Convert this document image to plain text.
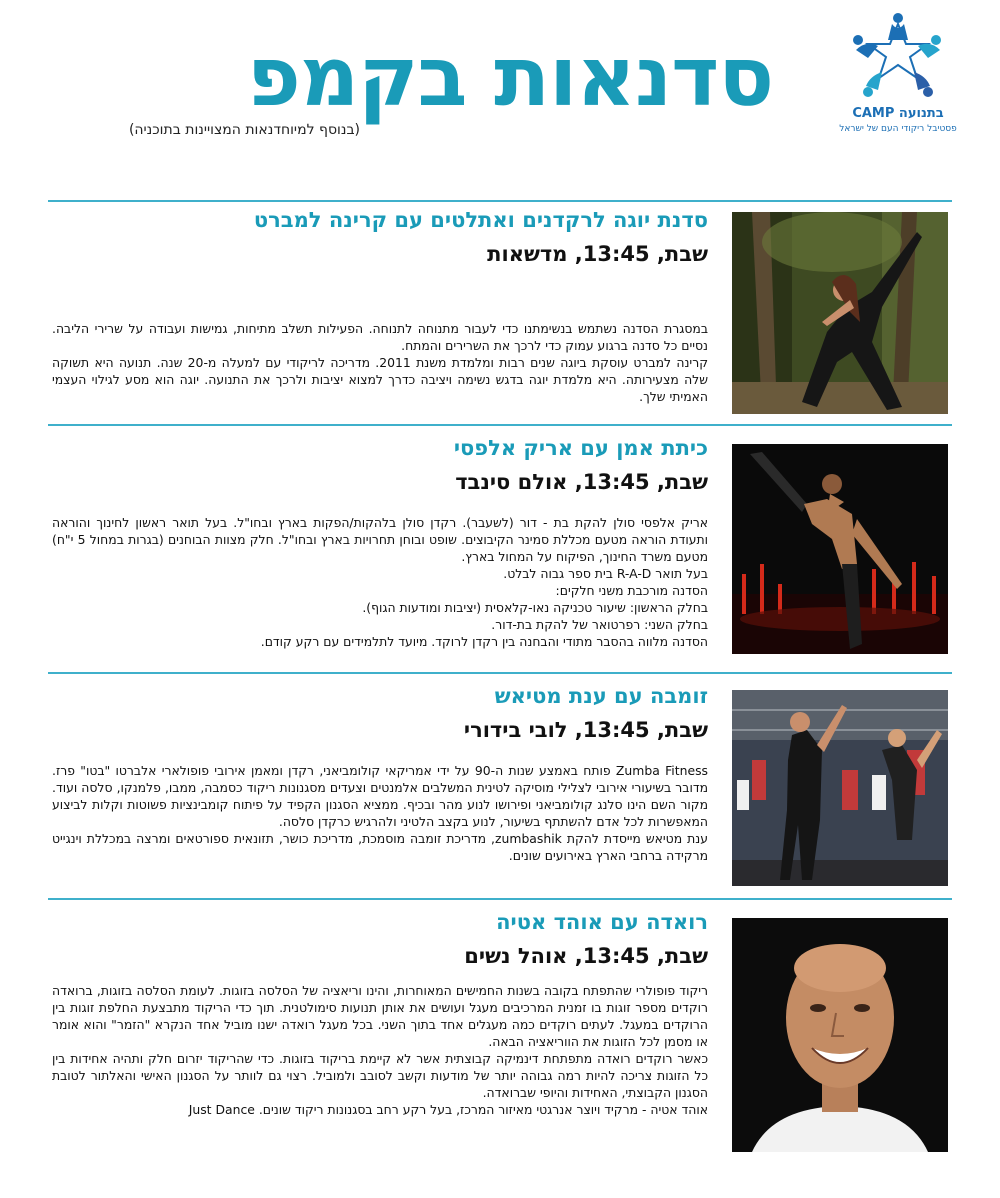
סדנאות בקמפ
(בנוסף למיוחדנאות המצויינות בתוכניה)
CAMP בתנועה
פסטיבל ריקודי העם של ישראל
סדנת יוגה לרקדנים ואתלטים עם קרינה למברט
שבת, 13:45, מדשאות

במסגרת הסדנה נשתמש בנשימתנו כדי לעבור מתנוחה לתנוחה. הפעילות תשלב מתיחות, גמישות ועבודה על שרירי הליבה. נסיים כל סדנה ברגוע עמוק כדי לרכך את השרירים והמתח.

קרינה למברט עוסקת ביוגה שנים רבות ומלמדת משנת 2011. מדריכה לריקודי עם למעלה מ-20 שנה. תנועה היא תשוקה שלה מצעירותה. היא מלמדת יוגה בדגש נשימה ויציבה כדרך למצוא יציבות ולרכך את התנועה. יוגה הוא מסע לגילוי העצמי האמיתי שלך.

כיתת אמן עם אריק אלפסי
שבת, 13:45, אולם סינבד

אריק אלפסי סולן להקת בת - דור (לשעבר). רקדן סולן בלהקות/הפקות בארץ ובחו"ל. בעל תואר ראשון לחינוך והוראה ותעודת הוראה מטעם מכללת סמינר הקיבוצים. שופט ובוחן תחרויות בארץ ובחו"ל. חלק מצוות הבוחנים (בגרות במחול 5 י"ח) מטעם משרד החינוך, הפיקוח על המחול בארץ.

בעל תואר R-A-D בית ספר גבוה לבלט.

הסדנה מורכבת משני חלקים:

בחלק הראשון: שיעור טכניקה נאו-קלאסית (יציבות ומודעות הגוף).

בחלק השני: רפרטואר של להקת בת-דור.

הסדנה מלווה בהסבר מתודי והבחנה בין רקדן לרוקד. מיועד לתלמידים עם רקע קודם.

זומבה עם ענת מטיאש
שבת, 13:45, לובי בידורי

Zumba Fitness פותח באמצע שנות ה-90 על ידי אמריקאי קולומביאני, רקדן ומאמן אירובי פופולארי אלברטו "בטו" פרז. מדובר בשיעורי אירובי לצלילי מוסיקה לטינית המשלבים אלמנטים וצעדים מסגנונות ריקוד כסמבה, ממבו, פלמנקו, סלסה ועוד. מקור השם הינו סלנג קולומביאני ופירושו לנוע מהר ובכיף. ממציא הסגנון הקפיד על פיתוח קומבינציות פשוטות וקלות לביצוע המאפשרות לכל אדם להשתתף בשיעור, לנוע בקצב הלטיני ולהרגיש כרקדן סלסה.

ענת מטיאש מייסדת להקת zumbashik, מדריכת זומבה מוסמכת, מדריכת כושר, תזונאית ספורטאים ומרצה במכללת וינגייט מרקידה ברחבי הארץ באירועים שונים.

רואדה עם אוהד אטיה
שבת, 13:45, אוהל נשים

ריקוד פופולרי שהתפתח בקובה בשנות החמישים המאוחרות, והינו וריאציה של הסלסה בזוגות. לעומת הסלסה בזוגות, ברואדה רוקדים מספר זוגות בו זמנית המרכיבים מעגל ועושים את אותן תנועות סימולטנית. תוך כדי הריקוד מתבצעת החלפת זוגות בין הרוקדים במעגל. לעתים רוקדים כמה מעגלים אחד בתוך השני. בכל מעגל רואדה ישנו מוביל אחד הנקרא "הזמר" והוא אומר או מסמן לכל הזוגות את הווריאציה הבאה.

כאשר רוקדים רואדה מתפתחת דינמיקה קבוצתית אשר לא קיימת בריקוד בזוגות. כדי שהריקוד יזרום חלק ותהיה אחידות בין כל הזוגות צריכה להיות רמה גבוהה יותר של מודעות וקשב לסובב ולמוביל. רצוי גם לוותר על הסגנון האישי והאלתור לטובת הסגנון הקבוצתי, האחידות והיופי שברואדה.

אוהד אטיה - מרקיד ויוצר אנרגטי מאיזור המרכז, בעל רקע רחב בסגנונות ריקוד שונים. Just Dance
